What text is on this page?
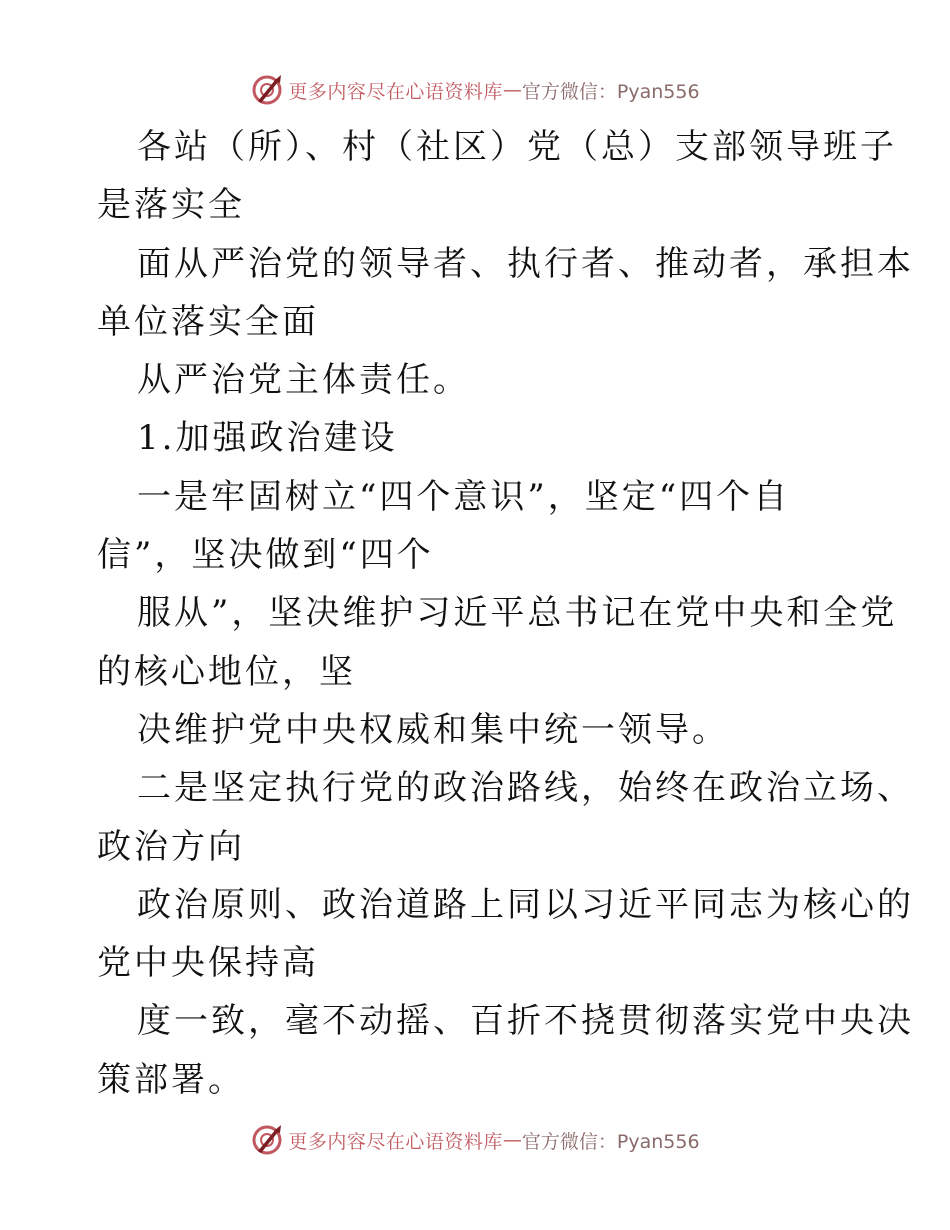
更多内容尽在心语资料库 — 官方微信：Pyan556
各站（所）、村（社区）党（总）支部领导班子
是落实全
面从严治党的领导者、执行者、推动者，承担本
单位落实全面
从严治党主体责任。
1.加强政治建设
一是牢固树立“四个意识”，坚定“四个自
信”，坚决做到“四个
服从”，坚决维护习近平总书记在党中央和全党
的核心地位，坚
决维护党中央权威和集中统一领导。
二是坚定执行党的政治路线，始终在政治立场、
政治方向
政治原则、政治道路上同以习近平同志为核心的
党中央保持高
度一致，毫不动摇、百折不挠贯彻落实党中央决
策部署。
更多内容尽在心语资料库 — 官方微信：Pyan556
